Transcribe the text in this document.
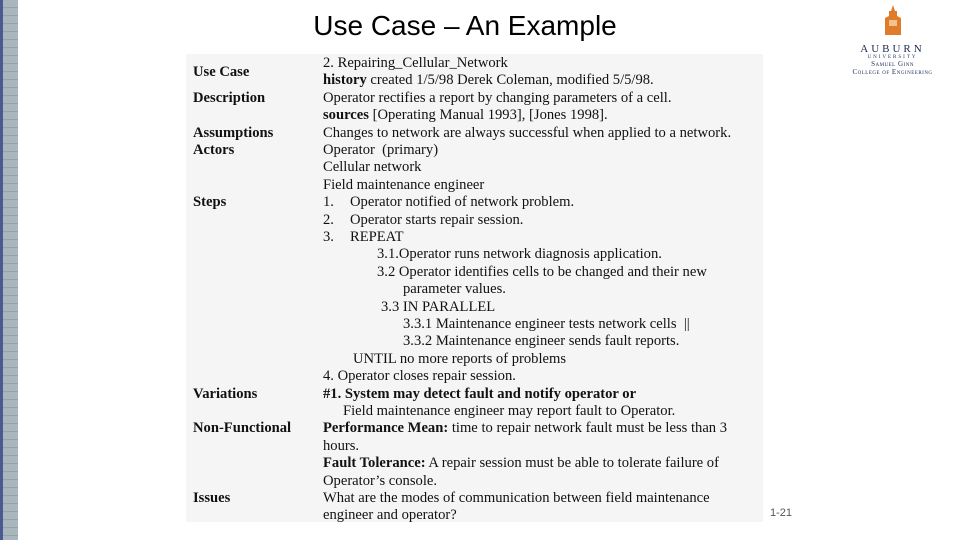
Use Case – An Example
AUBURN
UNIVERSITY
Samuel Ginn
College of Engineering
2. Repairing_Cellular_Network
history created 1/5/98 Derek Coleman, modified 5/5/98.
Operator rectifies a report by changing parameters of a cell.
sources [Operating Manual 1993], [Jones 1998].
Changes to network are always successful when applied to a network.
Operator  (primary)
Cellular network
Field maintenance engineer
1. Operator notified of network problem.
2. Operator starts repair session.
3. REPEAT
3.1.Operator runs network diagnosis application.
3.2 Operator identifies cells to be changed and their new
parameter values.
3.3 IN PARALLEL
3.3.1 Maintenance engineer tests network cells  ||
3.3.2 Maintenance engineer sends fault reports.
UNTIL no more reports of problems
4. Operator closes repair session.
#1. System may detect fault and notify operator or
Field maintenance engineer may report fault to Operator.
Performance Mean: time to repair network fault must be less than 3
hours.
Fault Tolerance: A repair session must be able to tolerate failure of
Operator’s console.
What are the modes of communication between field maintenance
engineer and operator?
Use Case
Description
Assumptions
Actors
Steps
Variations
Non-Functional
Issues
1-21
